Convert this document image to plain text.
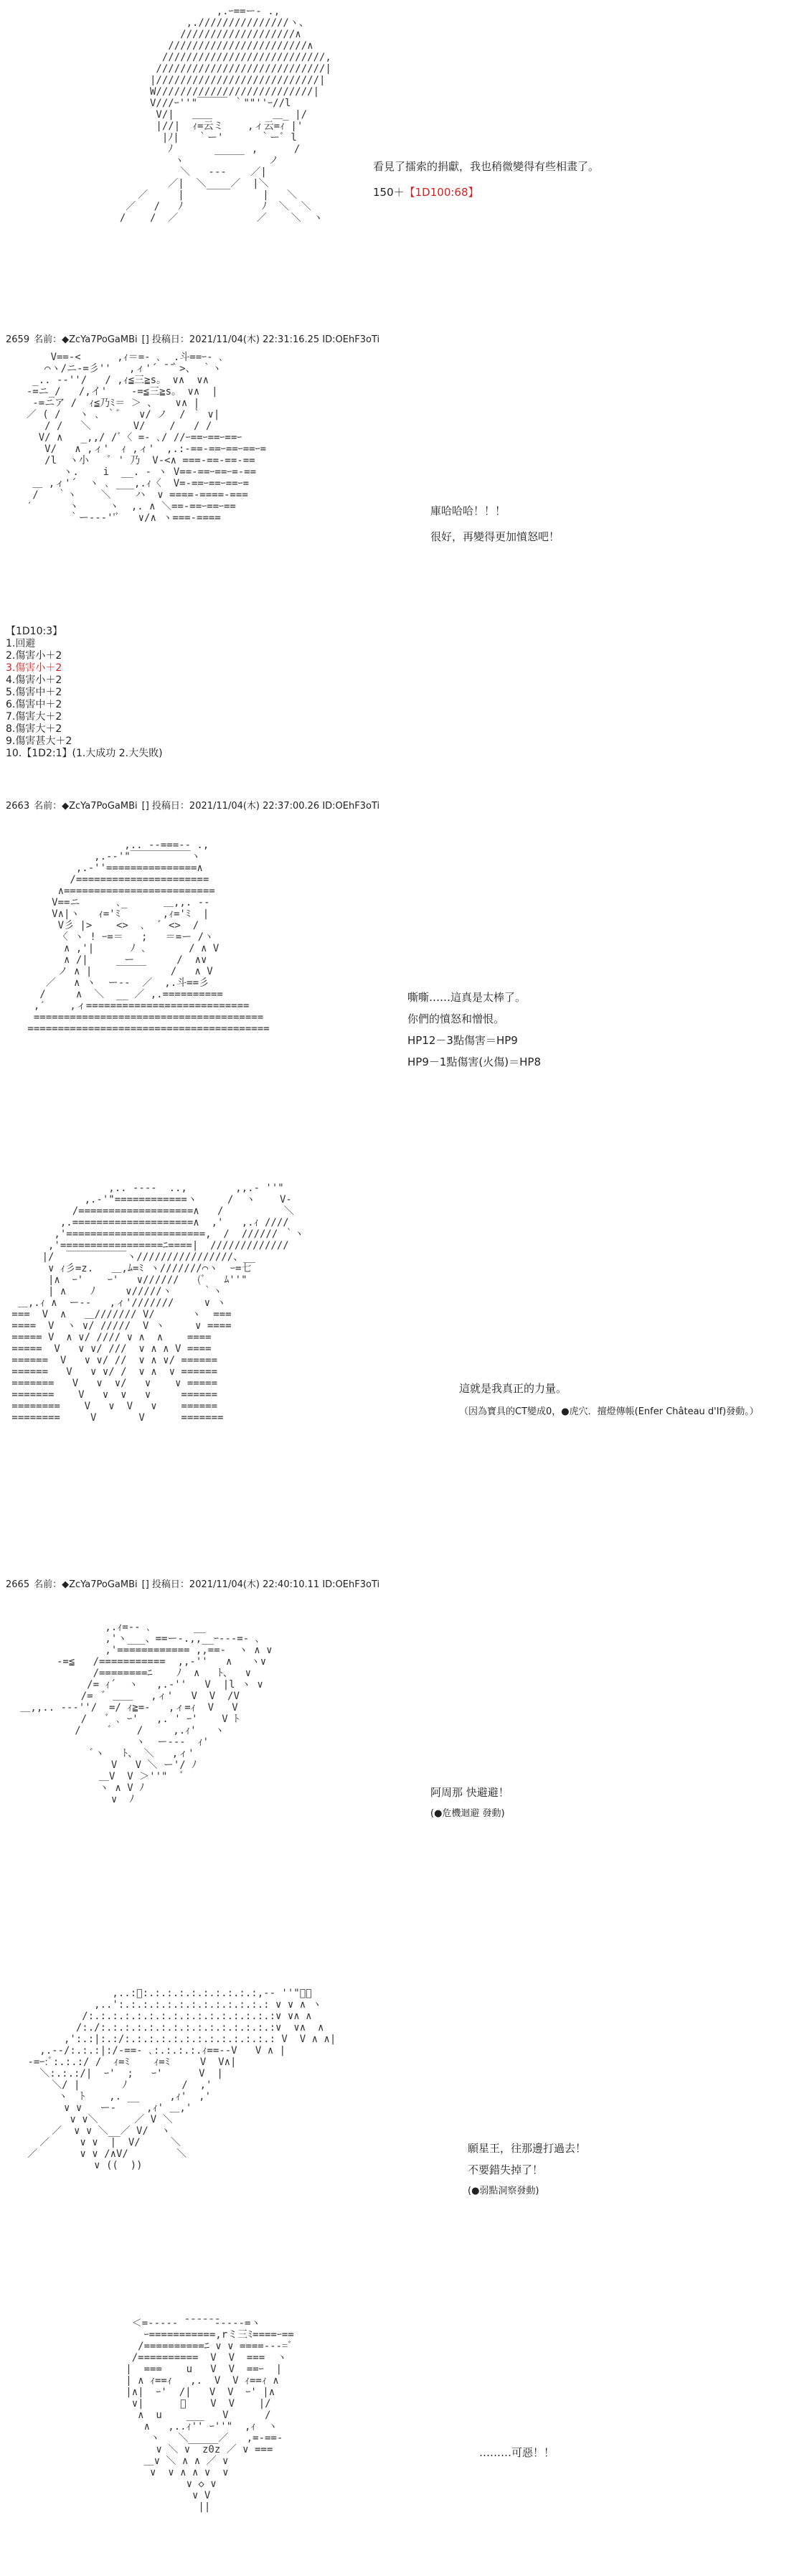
,.ｰ==ー- .,
,.///////////////ヽ、
///////////////////∧
///////////////////////∧
///////////////////////////,
////////////////////////////|
|///////////////////////////|
W//////////////////////////|
V///ｰ''"￣￣￣ ｀""''ｰ//l
V/|   ＿＿          ＿_ |/
|//|  ｨ=云ミ    ,ィ云=ｨ |'
|ﾉ|   ｀ー'      ｀ーﾞ l
ﾉ             ,      /
ヽ     ￣￣￣    ノ
＼   ‐‐‐    ／|
／|  ＼____／  |＼
／     |             |   ＼
／   /   ﾉ             ﾉ  ＼  ＼
/    /  ／             ／    ＼  ヽ

看見了擂索的捐獻，我也稍微變得有些相畫了。
150＋【1D100:68】
2659 名前：◆ZcYa7PoGaMBi [] 投稿日：2021/11/04(木) 22:31:16.25 ID:OEhF3oTi
V==-<      ,ｨ＝=- ､  .斗==ｰ- ､
⌒ヽ/ニ-=彡''   ,ィ'´ ̄ ̄｀>、 ｀ヽ
_.. -‐''/   / ,ｨ≦三≧s。 ∨∧  ∨∧
-=ニ_/   /,イ'    ‐=≦三≧s。 ∨∧  |
-=ニア /  ｨ≦乃ﾐ＝ ＞ 、   ∨∧ |
／ ( /   ヽ ､ ｀ﾞ   ∨/ ノ  / ｀ ∨|
/ /   ＼       V/    /   / /
V/ ∧   _,,/ /ﾞ〈 =- ､/ //ｰ==ｰ==ｰ==ｰ
V/   ∧ ,ィ'  ｨ ,ィ'  ,.:‐==-==ｰ==ｰ==ｰ=
/l  ヽ小   ﾞ ' 乃  V‐<∧ ===-==-==-==
ヽ.    i  __. ‐ ヽ V==-==ｰ==ｰ=-==
＿ ,ィ'´  ヽ ､ ___,.ｨ〈  V=-==ｰ==ｰ==ｰ=
/   ｀ヽ    ＼    ハ  ∨ ====-====-===
′      ヽ     ヽ  ,. ∧ ＼==-==ｰ==ｰ==
｀ー--‐''ﾞ   ∨/∧ ヽ===-====

庫哈哈哈！！！
很好，再變得更加憤怒吧！
【1D10:3】
1.回避
2.傷害小＋2
3.傷害小＋2
4.傷害小＋2
5.傷害中＋2
6.傷害中＋2
7.傷害大＋2
8.傷害大＋2
9.傷害甚大＋2
10.【1D2:1】(1.大成功 2.大失敗)
2663 名前：◆ZcYa7PoGaMBi [] 投稿日：2021/11/04(木) 22:37:00.26 ID:OEhF3oTi
,.. -‐===‐- .,
,.-‐'"￣￣￣￣￣￣ヽ
,.‐''===============∧
/======================
∧=========================
V==ニ      ､_      ＿,,. -‐
V∧|ヽ   ｨ='ﾐ       ,ｨ='ﾐ  |
V彡 |>    <>  ､  ﾞ <>  /
〈 ヽ ! ｰ=＝   ;   ＝=ー /ヽ
∧ ,'|      ﾉ ､       / ∧ V
∧ /|      ー       /  ∧∨
ノ ∧ |    ￣￣￣    /   ∧ V
／   ∧ ヽ  ー‐‐  ／  ,.斗==彡
/     ∧  ＼  __ ／ ,.==========
,′    ,ィ===========================
======================================
========================================

嘶嘶……這真是太棒了。
你們的憤怒和憎恨。
HP12－3點傷害＝HP9
HP9－1點傷害(火傷)＝HP8
,.. -‐‐-  ..,        ,,.- ''"
,.‐'"============ヽ     /  ヽ    V-
/===================∧   /          ＼
,.====================∧  ,'   ,.ｨ ////
,'=======================,  /  ////// ｀ヽ
,'=================ﾆ====|  /////////////
|/  ￣￣￣￣￣￣ヽ////////////////、__
∨ ｨ彡=z.   ＿,ﾑ=ﾐ ヽ///////⌒ヽ  ｰ=七
|∧  ｰ'    ｰ'   ∨//////   (ﾞ   ﾑ''"
| ∧    ﾉ     ∨/////ヽ     ｀ヽ
＿,.ｨ ∧  ー--   ,ィ'///////     ∨ ヽ
===  V  ∧   ＿/////// V/      ヽ  ===
====  V  ヽ ∨/ /////  V ヽ     ∨ ====
===== V  ∧ ∨/ //// ∨ ∧  ∧    ====
=====  V   ∨ ∨/ ///  ∨ ∧ ∧ V ====
======  V   ∨ ∨/ //  ∨ ∧ ∨/ ======
======   V   ∨ ∨/ /  ∨ ∧  ∨ ======
=======   V   ∨  ∨/   ∨    ∨ =====
=======    V   ∨  ∨   ∨     ======
========    V   ∨  V   ∨    ======
========     V       V      =======

這就是我真正的力量。
（因為寶具的CT變成0，●虎穴．擅燈傳帳(Enfer Château d'If)發動。）
2665 名前：◆ZcYa7PoGaMBi [] 投稿日：2021/11/04(木) 22:40:10.11 ID:OEhF3oTi
,.ｨ=‐- ､       __
,'ヽ___、==ー-.,,__ｰ‐--=- ､
,'============ ,,==‐  ヽ ∧ ∨
-=≦   /===========  ,,‐''   ∧   ヽ∨
/========ﾆ    ﾉ  ∧   ﾄ、  ∨
/= ｨ´  ヽ   ,.‐''   V  |l ヽ ∨
/=  ﾞ ＿＿   ,ィ'   V  V  /V
＿,,.. -‐-''/  =/ ｨ≧=‐   ,ィ=ｨ  V   V
/   ﾞ ､ ｰ'   ,. ' ｰ'    V ﾄ
/     ﾞ    /     ,.ｨ'   ヽ
ヽ  ー‐‐‐  ｨ'
ﾞヽ   ﾄ、 ＼   ,ィ'
V   V ＼ ー'/ ﾉ
＿V  V ＞''"  ﾞ
ヽ ∧ V ﾉ
∨  ﾉ

阿周那 快避避！
(●危機迴避 發動)
,..:ﾞ:.:.:.:.:.:.:.:.:.:,-‐ ''"￣￣
,..':.:.:.:.:.:.:.:.:.:.:.:.: ∨ ∨ ∧ ヽ
/:.:.:.:.:.:.:.:.:.:.:.:.:.:.:.:∨ ∨∧ ∧
/:./:.:.:.:.:.:.:.:.:.:.:.:.:.:.:∨  ∨∧  ∧
,':.:|:.:/:.:.:.:.:.:.:.:.:.:.:.:.: V  V ∧ ∧|
,.-‐/:.:.:|:/-==‐ ､:.:.:.:.ｨ==‐-V   V ∧ |
-=ｰ:ﾞ:.:.:/ /  ｨ=ﾐ    ｨ=ﾐ     V  V∧|
＼:.:.:/|  ｰ'  ;   ｰ'      V  |
＼/ |       ﾉ         /  ,'
ヽ  ﾄ    ,. __     ,ｨ'  ,'
∨ ∨   ー‐     ,ｨ' ＿,'
∨ ∨＼      ／ V ＼
／  ∨ ∨ ＼__／ V/  ヽ
／     ∨ ∨  |  V/     ＼
／       ∨ ∨ /∧V/        ＼
∨ ((  ))

願星王，往那邊打過去！
不要錯失掉了！
(●弱點洞察發動)
＜=-‐‐‐‐ ̄ ̄ ̄ ̄ ̄ ̄‐‐‐‐-=ヽ
ｰ===========,rミ三ﾐ====ｰ==
/==========ﾆ ∨ ∨ ====‐‐-=ﾞ
/==========  V  V  ===  ヽ
|  ===    u   V  V  ==ｰ  |
| ∧ ｨ==ｨ   ,.  V  V ｨ==ｨ ∧
|∧|  ｰ'  /|   V  V  ｰ' |∧
∨|      ﾞ    V  V    |/
∧  u    ___   V      /
∧   ,..ｨ'' ｰ''"  ,ｨ  ヽ
ヽ   ＼_____／   ,=-==-
∨ ＼ ∨  z0z ／ ∨ ===
＿∨ ＼ ∧ ∧ ／ ∨
∨  ∨ ∧ ∧ ∨  ∨
∨ ◇ ∨
∨ V
||

………可惡！！
